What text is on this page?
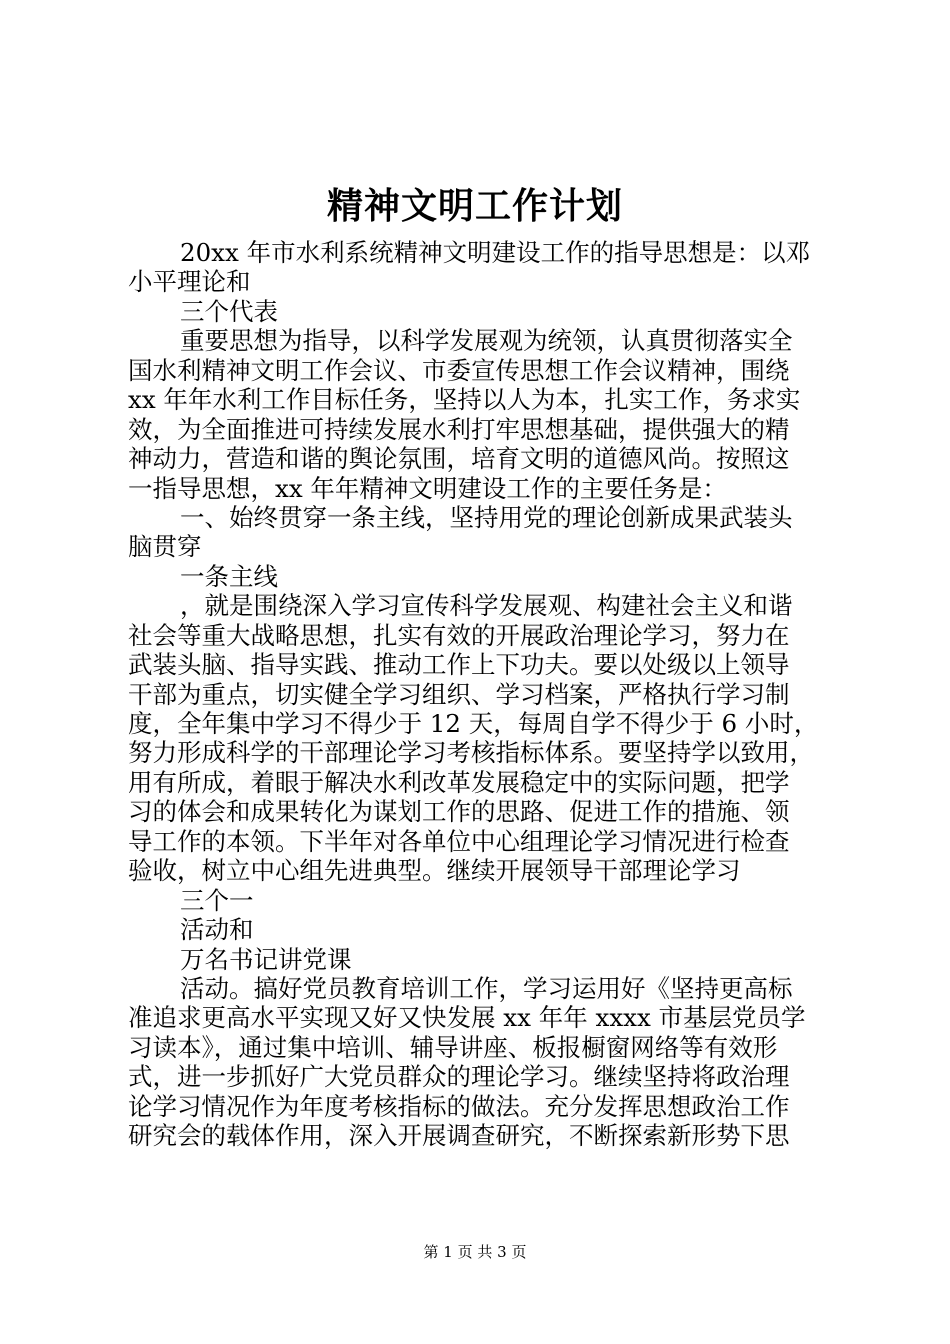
精神文明工作计划
20xx 年市水利系统精神文明建设工作的指导思想是：以邓
小平理论和
三个代表
重要思想为指导，以科学发展观为统领，认真贯彻落实全
国水利精神文明工作会议、市委宣传思想工作会议精神，围绕
xx 年年水利工作目标任务，坚持以人为本，扎实工作，务求实
效，为全面推进可持续发展水利打牢思想基础，提供强大的精
神动力，营造和谐的舆论氛围，培育文明的道德风尚。按照这
一指导思想，xx 年年精神文明建设工作的主要任务是：
一、始终贯穿一条主线，坚持用党的理论创新成果武装头
脑贯穿
一条主线
，就是围绕深入学习宣传科学发展观、构建社会主义和谐
社会等重大战略思想，扎实有效的开展政治理论学习，努力在
武装头脑、指导实践、推动工作上下功夫。要以处级以上领导
干部为重点，切实健全学习组织、学习档案，严格执行学习制
度，全年集中学习不得少于 12 天，每周自学不得少于 6 小时，
努力形成科学的干部理论学习考核指标体系。要坚持学以致用，
用有所成，着眼于解决水利改革发展稳定中的实际问题，把学
习的体会和成果转化为谋划工作的思路、促进工作的措施、领
导工作的本领。下半年对各单位中心组理论学习情况进行检查
验收，树立中心组先进典型。继续开展领导干部理论学习
三个一
活动和
万名书记讲党课
活动。搞好党员教育培训工作，学习运用好《坚持更高标
准追求更高水平实现又好又快发展 xx 年年 xxxx 市基层党员学
习读本》，通过集中培训、辅导讲座、板报橱窗网络等有效形
式，进一步抓好广大党员群众的理论学习。继续坚持将政治理
论学习情况作为年度考核指标的做法。充分发挥思想政治工作
研究会的载体作用，深入开展调查研究，不断探索新形势下思
第 1 页 共 3 页
